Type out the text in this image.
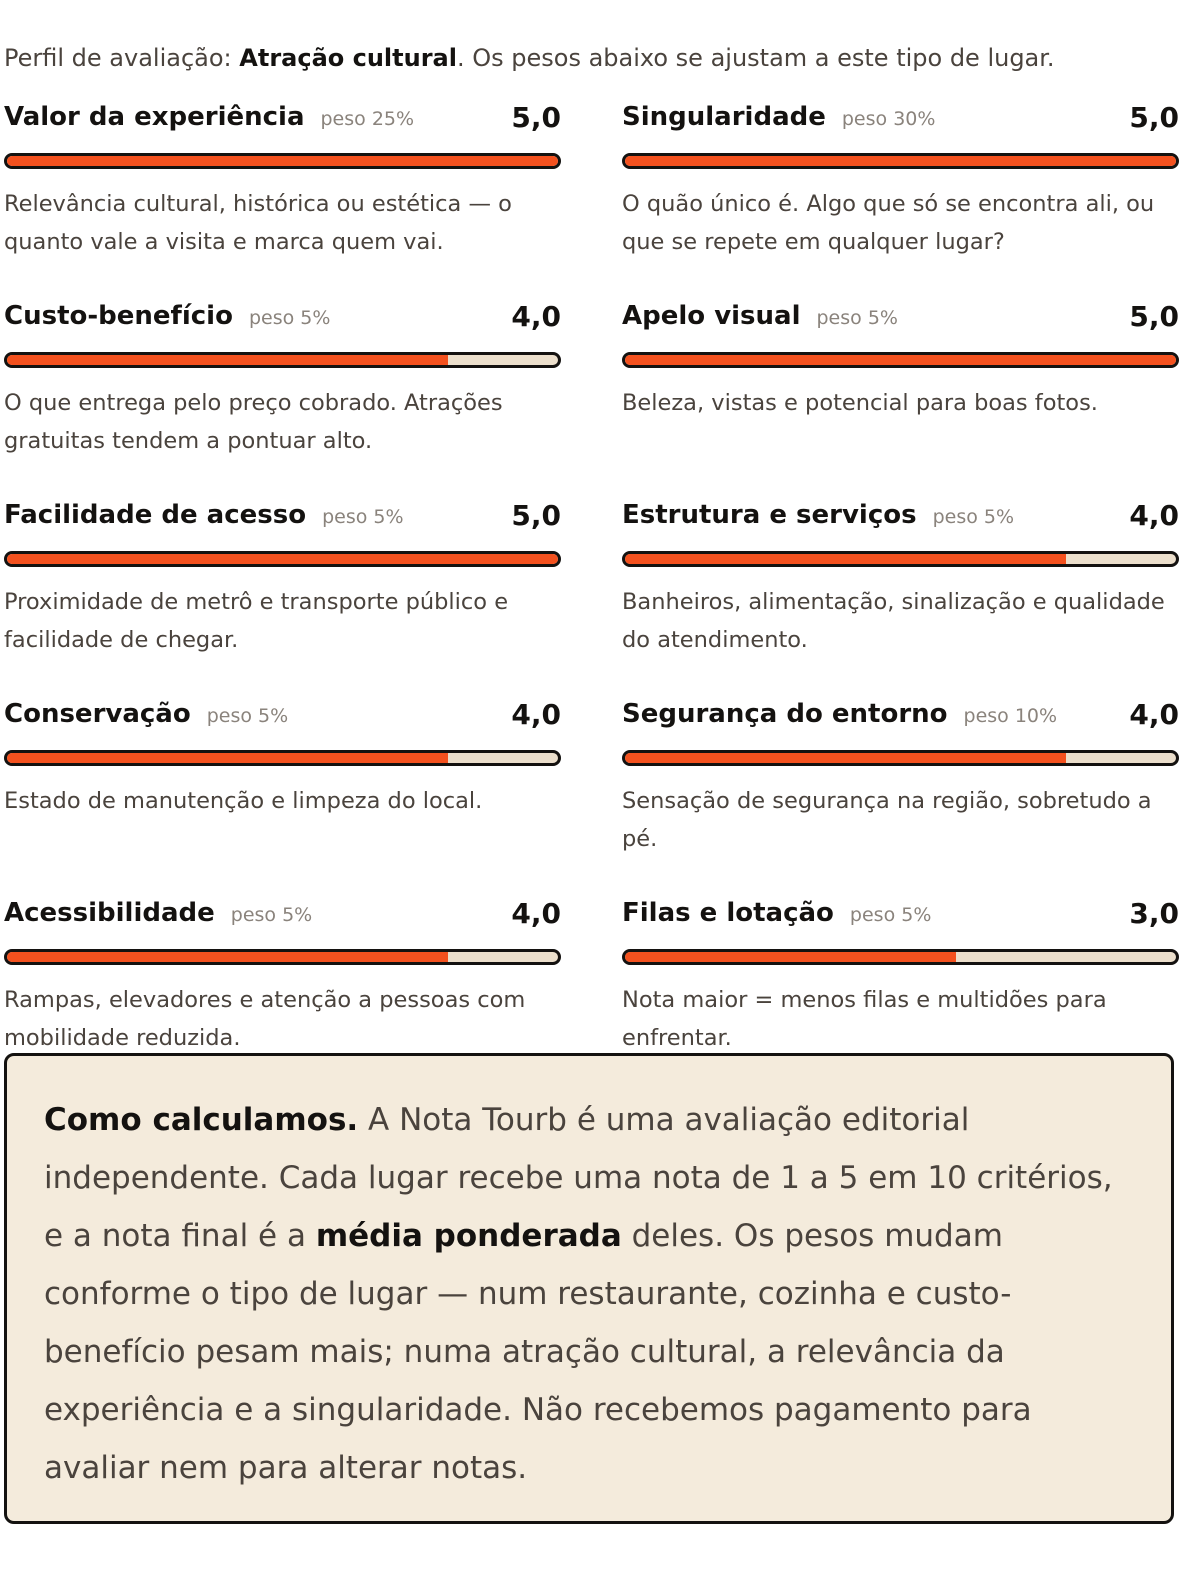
Perfil de avaliação: Atração cultural. Os pesos abaixo se ajustam a este tipo de lugar.

Valor da experiência peso 25%	5,0
Relevância cultural, histórica ou estética — o quanto vale a visita e marca quem vai.
Singularidade peso 30%	5,0
O quão único é. Algo que só se encontra ali, ou que se repete em qualquer lugar?
Custo-benefício peso 5%	4,0
O que entrega pelo preço cobrado. Atrações gratuitas tendem a pontuar alto.
Apelo visual peso 5%	5,0
Beleza, vistas e potencial para boas fotos.
Facilidade de acesso peso 5%	5,0
Proximidade de metrô e transporte público e facilidade de chegar.
Estrutura e serviços peso 5%	4,0
Banheiros, alimentação, sinalização e qualidade do atendimento.
Conservação peso 5%	4,0
Estado de manutenção e limpeza do local.
Segurança do entorno peso 10%	4,0
Sensação de segurança na região, sobretudo a pé.
Acessibilidade peso 5%	4,0
Rampas, elevadores e atenção a pessoas com mobilidade reduzida.
Filas e lotação peso 5%	3,0
Nota maior = menos filas e multidões para enfrentar.
Como calculamos. A Nota Tourb é uma avaliação editorial independente. Cada lugar recebe uma nota de 1 a 5 em 10 critérios, e a nota final é a média ponderada deles. Os pesos mudam conforme o tipo de lugar — num restaurante, cozinha e custo-benefício pesam mais; numa atração cultural, a relevância da experiência e a singularidade. Não recebemos pagamento para avaliar nem para alterar notas.
